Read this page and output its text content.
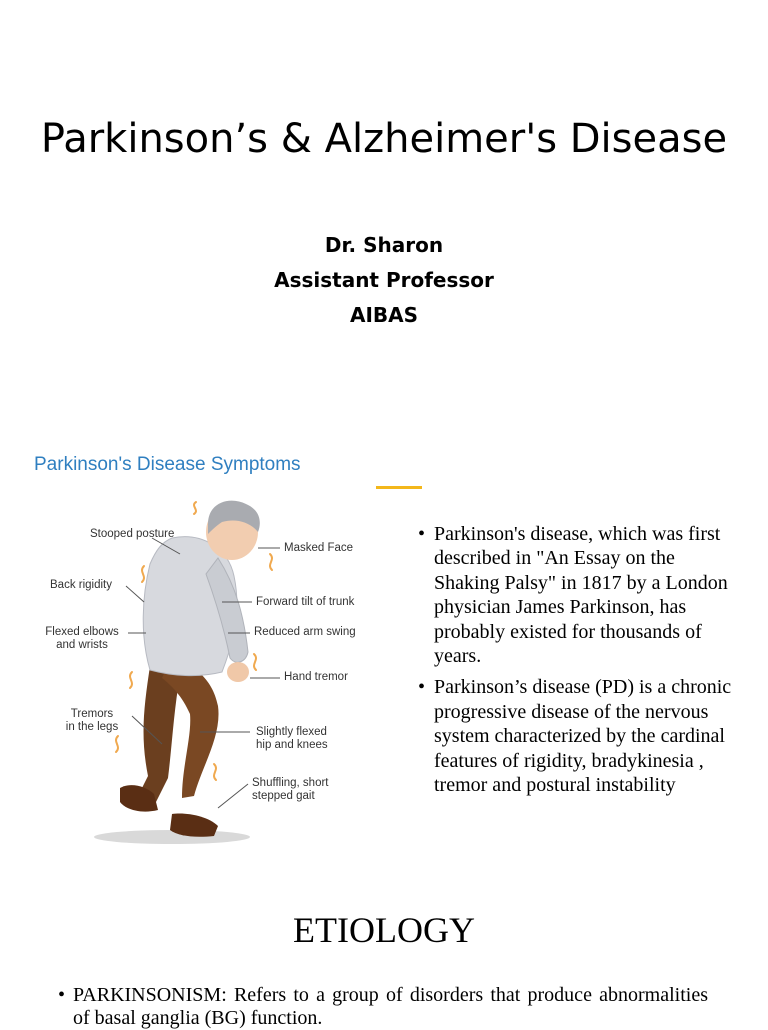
Parkinson’s & Alzheimer's Disease
Dr. Sharon
Assistant Professor
AIBAS
Parkinson's Disease Symptoms
Stooped posture
Masked Face
Back rigidity
Forward tilt of trunk
Flexed elbows
and wrists
Reduced arm swing
Hand tremor
Tremors
in the legs	Slightly flexed
hip and knees
Shuffling, short
stepped gait
• Parkinson's disease, which was first described in "An Essay on the Shaking Palsy" in 1817 by a London physician James Parkinson, has probably existed for thousands of years.
• Parkinson’s disease (PD) is a chronic progressive disease of the nervous system characterized by the cardinal features of rigidity, bradykinesia , tremor and postural instability
ETIOLOGY
• PARKINSONISM: Refers to a group of disorders that produce abnormalities of basal ganglia (BG) function.
